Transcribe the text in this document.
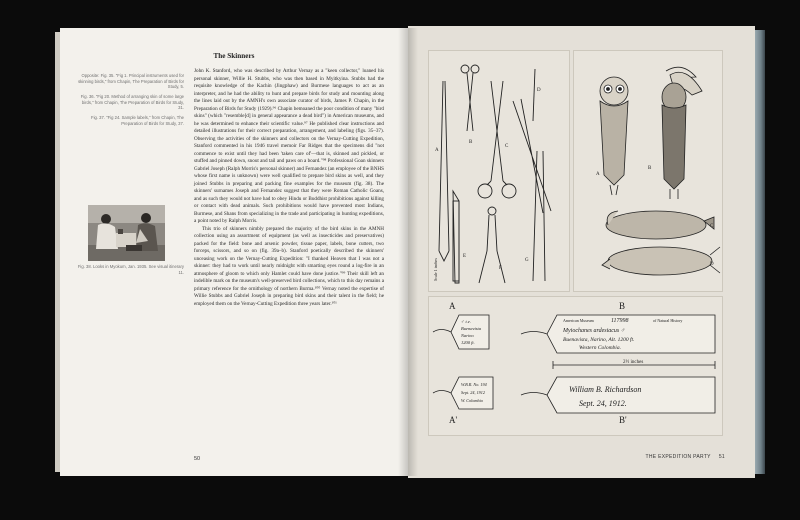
The Skinners

Opposite: Fig. 35. "Fig 1. Principal instruments used for skinning birds," from Chapin, The Preparation of Birds for Study, 5.

Fig. 36. "Fig 20. Method of arranging skin of some large birds," from Chapin, The Preparation of Birds for Study, 31.

Fig. 37. "Fig 24. Sample labels," from Chapin, The Preparation of Birds for Study, 37.

Fig. 38. Looks in Myokum, Jan. 1935. See visual itinerary 11.

John K. Stanford, who was described by Arthur Vernay as a "keen collector," loaned his personal skinner, Willie H. Stubbs, who was then based in Myitkyina. Stubbs had the requisite knowledge of the Kachin (Jingphaw) and Burmese languages to act as an interpreter, and he had the ability to hunt and prepare birds for study and mounting along the lines laid out by the AMNH's own associate curator of birds, James P. Chapin, in the Preparation of Birds for Study (1929).⁹⁶ Chapin bemoaned the poor condition of many "bird skins" (which "resemble[d] in general appearance a dead bird") in American museums, and he was determined to enhance their scientific value.⁹⁷ He published clear instructions and detailed illustrations for their correct preparation, arrangement, and labeling (figs. 35–37). Observing the activities of the skinners and collectors on the Vernay-Cutting Expedition, Stanford commented in his 1946 travel memoir Far Ridges that the specimens did "not commence to exist until they had been 'taken care of'—that is, skinned and pickled, or stuffed and pinned down, snout and tail and paws on a board."⁹⁸ Professional Goan skinners Gabriel Joseph (Ralph Morris's personal skinner) and Fernandez (an employee of the BNHS whose first name is unknown) were well qualified to prepare bird skins as well, and they joined Stubbs in preparing and packing fine examples for the museum (fig. 38). The skinners' surnames Joseph and Fernandez suggest that they were Roman Catholic Goans, and as such they would not have had to obey Hindu or Buddhist prohibitions against killing or contact with dead animals. Such prohibitions would have prevented most Indians, Burmese, and Shans from specializing in the trade and participating in hunting expeditions, a point noted by Ralph Morris.

This trio of skinners nimbly prepared the majority of the bird skins in the AMNH collection using an assortment of equipment (as well as insecticides and preservatives) packed for the field: bone and arsenic powder, tissue paper, labels, bone cutters, two forceps, scissors, and so on (fig. 39a–b). Stanford poetically described the skinners' unceasing work on the Vernay-Cutting Expedition: "I thanked Heaven that I was not a skinner: they had to work until nearly midnight with smarting eyes round a log-fire in an atmosphere of gloom to which only Hamlet could have done justice."⁹⁹ Their skill left an indelible mark on the museum's well-preserved bird collections, which to this day remains a primary reference for the ornithology of northern Burma.¹⁰⁰ Vernay noted the expertise of Willie Stubbs and Gabriel Joseph in preparing bird skins and their talent in the field; he employed them on the Vernay-Cutting Expedition three years later.¹⁰¹

50
A
B
C
D
E
F
G
Scale 1 inches
A
B
C
D
A	B
A'	B'
♂ t.e.
Buenavista
Narino
1200 ft.
American Museum	117998	of Natural History
Myiochanes ardesiacus ♂
Buenavista, Narino, Alt. 1200 ft.
Western Colombia.
2½ inches
W.B.R. No. 194
Sept. 24, 1912
W. Colombia
William B. Richardson
Sept. 24, 1912.
THE EXPEDITION PARTY 51
